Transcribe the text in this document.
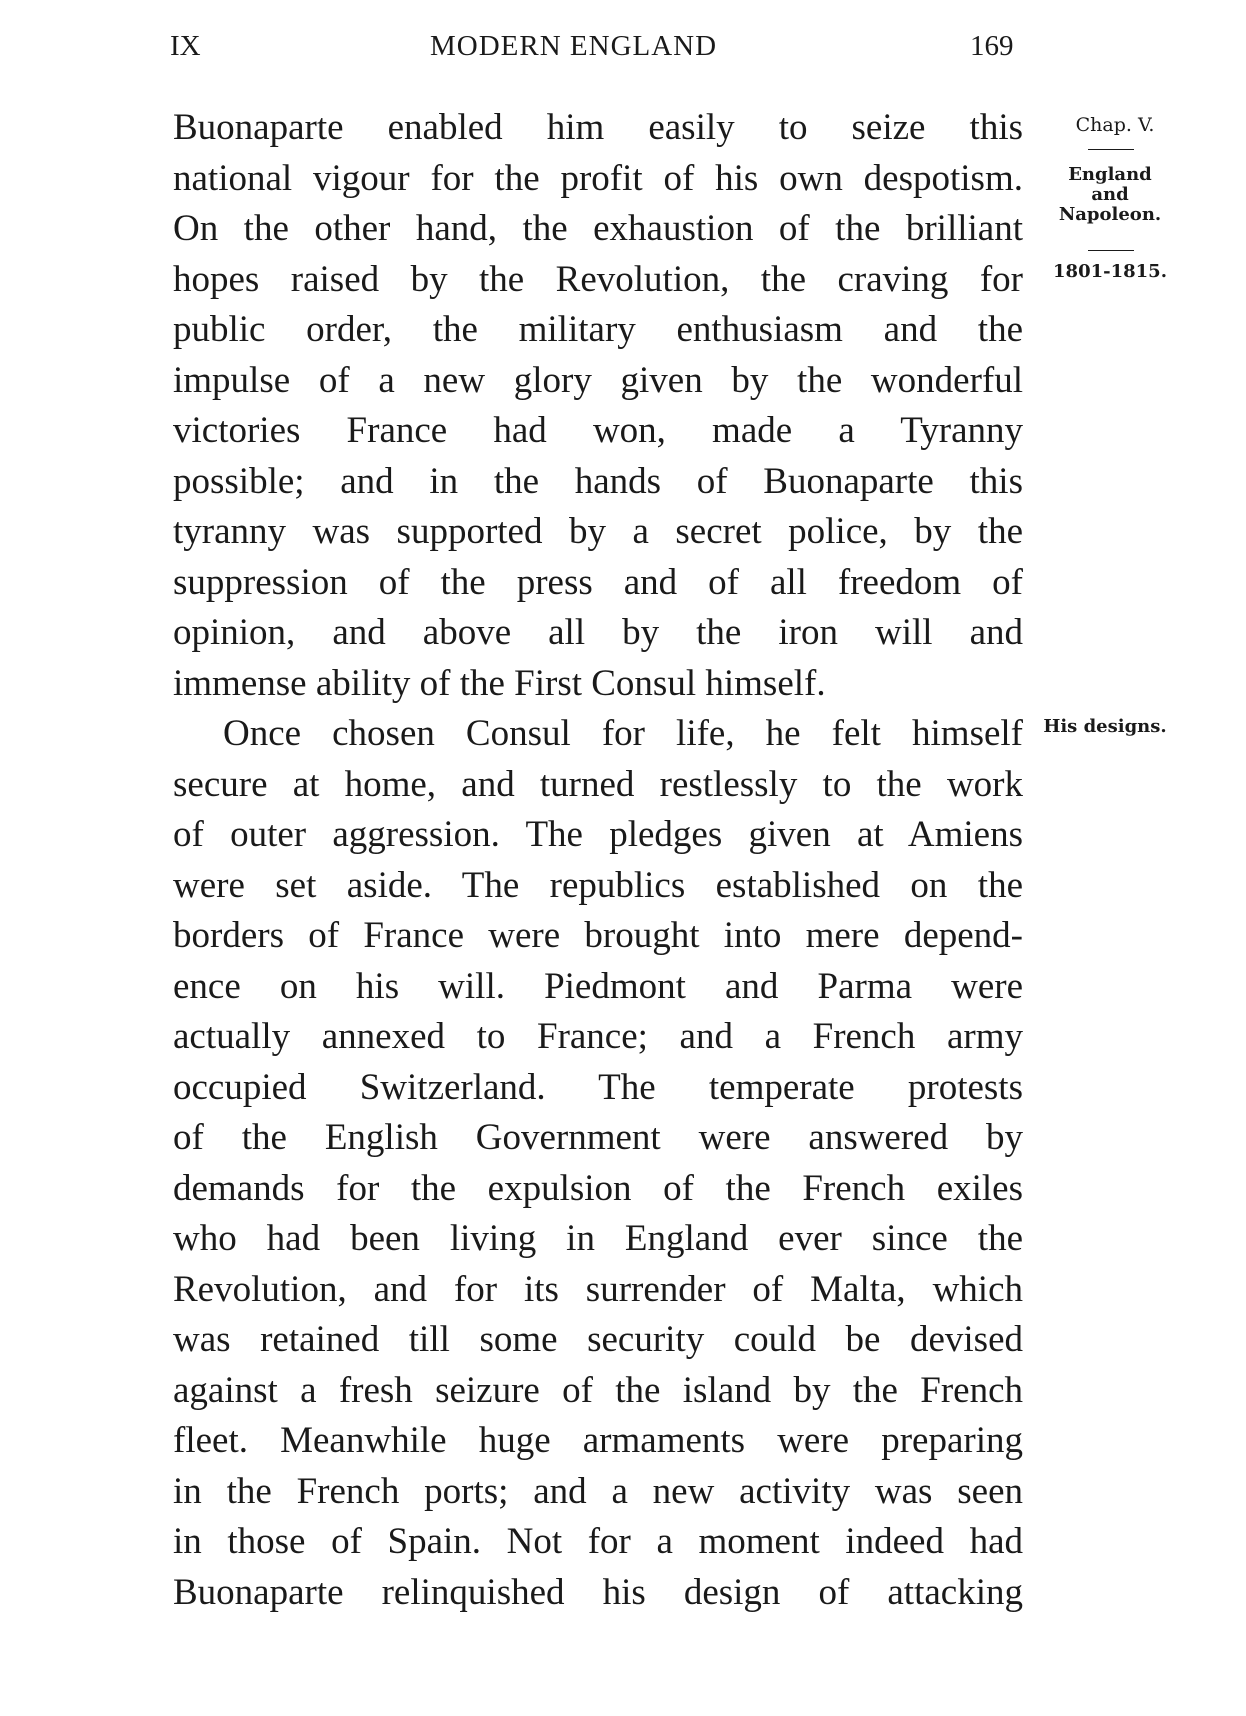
IX	MODERN ENGLAND	169
Buonaparte enabled him easily to seize this
national vigour for the profit of his own despotism.
On the other hand, the exhaustion of the brilliant
hopes raised by the Revolution, the craving for
public order, the military enthusiasm and the
impulse of a new glory given by the wonderful
victories France had won, made a Tyranny
possible; and in the hands of Buonaparte this
tyranny was supported by a secret police, by the
suppression of the press and of all freedom of
opinion, and above all by the iron will and
immense ability of the First Consul himself.
Once chosen Consul for life, he felt himself
secure at home, and turned restlessly to the work
of outer aggression. The pledges given at Amiens
were set aside. The republics established on the
borders of France were brought into mere depend-
ence on his will. Piedmont and Parma were
actually annexed to France; and a French army
occupied Switzerland. The temperate protests
of the English Government were answered by
demands for the expulsion of the French exiles
who had been living in England ever since the
Revolution, and for its surrender of Malta, which
was retained till some security could be devised
against a fresh seizure of the island by the French
fleet. Meanwhile huge armaments were preparing
in the French ports; and a new activity was seen
in those of Spain. Not for a moment indeed had
Buonaparte relinquished his design of attacking
Chap. V.
England
and
Napoleon.
1801-1815.
His designs.
